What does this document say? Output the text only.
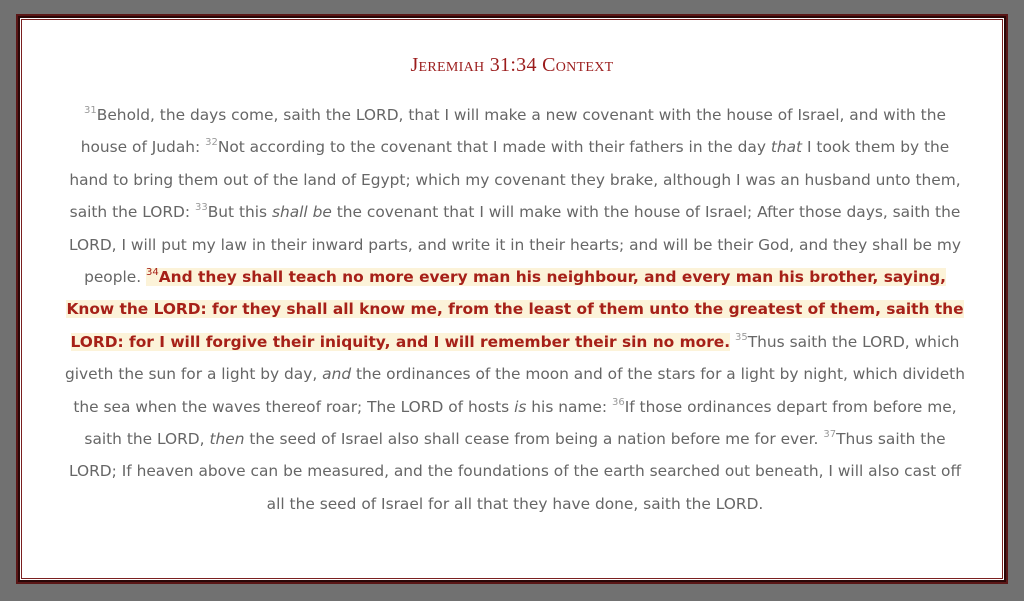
Jeremiah 31:34 Context
$^{31}$Behold, the days come, saith the LORD, that I will make a new covenant with the house of Israel, and with the house of Judah: $^{32}$Not according to the covenant that I made with their fathers in the day that I took them by the hand to bring them out of the land of Egypt; which my covenant they brake, although I was an husband unto them, saith the LORD: $^{33}$But this shall be the covenant that I will make with the house of Israel; After those days, saith the LORD, I will put my law in their inward parts, and write it in their hearts; and will be their God, and they shall be my people. $^{34}$And they shall teach no more every man his neighbour, and every man his brother, saying, Know the LORD: for they shall all know me, from the least of them unto the greatest of them, saith the LORD: for I will forgive their iniquity, and I will remember their sin no more. $^{35}$Thus saith the LORD, which giveth the sun for a light by day, and the ordinances of the moon and of the stars for a light by night, which divideth the sea when the waves thereof roar; The LORD of hosts is his name: $^{36}$If those ordinances depart from before me, saith the LORD, then the seed of Israel also shall cease from being a nation before me for ever. $^{37}$Thus saith the LORD; If heaven above can be measured, and the foundations of the earth searched out beneath, I will also cast off all the seed of Israel for all that they have done, saith the LORD.
